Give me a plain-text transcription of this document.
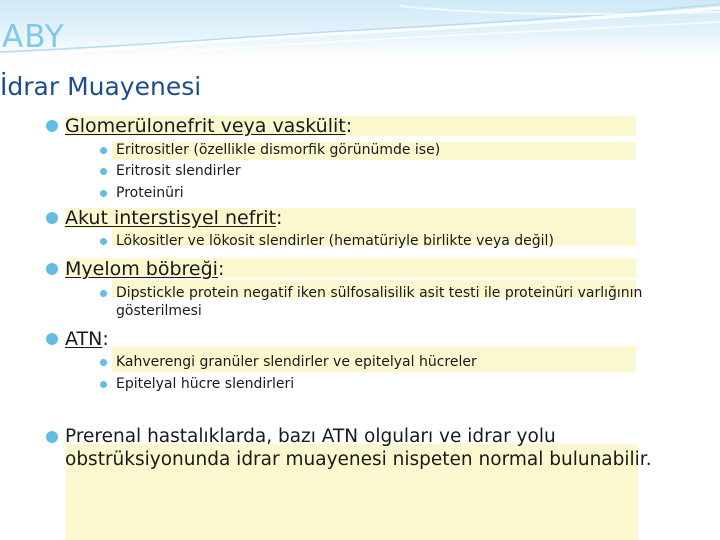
ABY
İdrar Muayenesi
Glomerülonefrit veya vaskülit:
Eritrositler (özellikle dismorfik görünümde ise)
Eritrosit slendirler
Proteinüri
Akut interstisyel nefrit:
Lökositler ve lökosit slendirler (hematüriyle birlikte veya değil)
Myelom böbreği:
Dipstickle protein negatif iken sülfosalisilik asit testi ile proteinüri varlığının
gösterilmesi
ATN:
Kahverengi granüler slendirler ve epitelyal hücreler
Epitelyal hücre slendirleri
Prerenal hastalıklarda, bazı ATN olguları ve idrar yolu
obstrüksiyonunda idrar muayenesi nispeten normal bulunabilir.
